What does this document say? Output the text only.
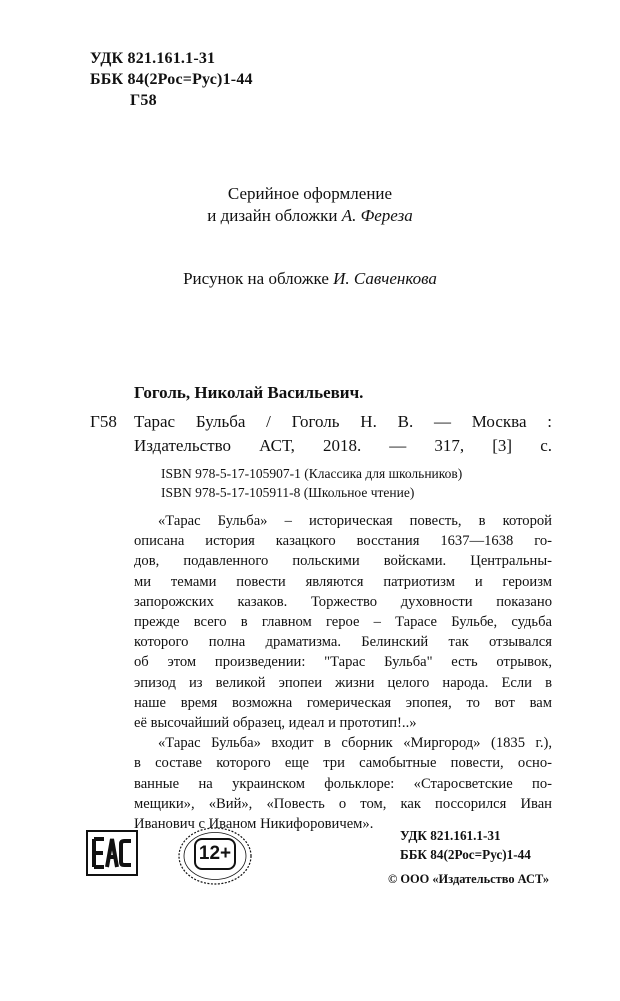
УДК 821.161.1-31
ББК 84(2Рос=Рус)1-44
Г58
Серийное оформление
и дизайн обложки А. Фереза
Рисунок на обложке И. Савченкова
Гоголь, Николай Васильевич.
Г58	Тарас Бульба / Гоголь Н. В. — Москва :
Издательство АСТ, 2018. — 317, [3] с.
ISBN 978-5-17-105907-1 (Классика для школьников)
ISBN 978-5-17-105911-8 (Школьное чтение)

«Тарас Бульба» – историческая повесть, в которой
описана история казацкого восстания 1637—1638 го-
дов, подавленного польскими войсками. Центральны-
ми темами повести являются патриотизм и героизм
запорожских казаков. Торжество духовности показано
прежде всего в главном герое – Тарасе Бульбе, судьба
которого полна драматизма. Белинский так отзывался
об этом произведении: "Тарас Бульба" есть отрывок,
эпизод из великой эпопеи жизни целого народа. Если в
наше время возможна гомерическая эпопея, то вот вам
её высочайший образец, идеал и прототип!..»

«Тарас Бульба» входит в сборник «Миргород» (1835 г.),
в составе которого еще три самобытные повести, осно-
ванные на украинском фольклоре: «Старосветские по-
мещики», «Вий», «Повесть о том, как поссорился Иван
Иванович с Иваном Никифоровичем».

УДК 821.161.1-31
ББК 84(2Рос=Рус)1-44
12+
© ООО «Издательство АСТ»
